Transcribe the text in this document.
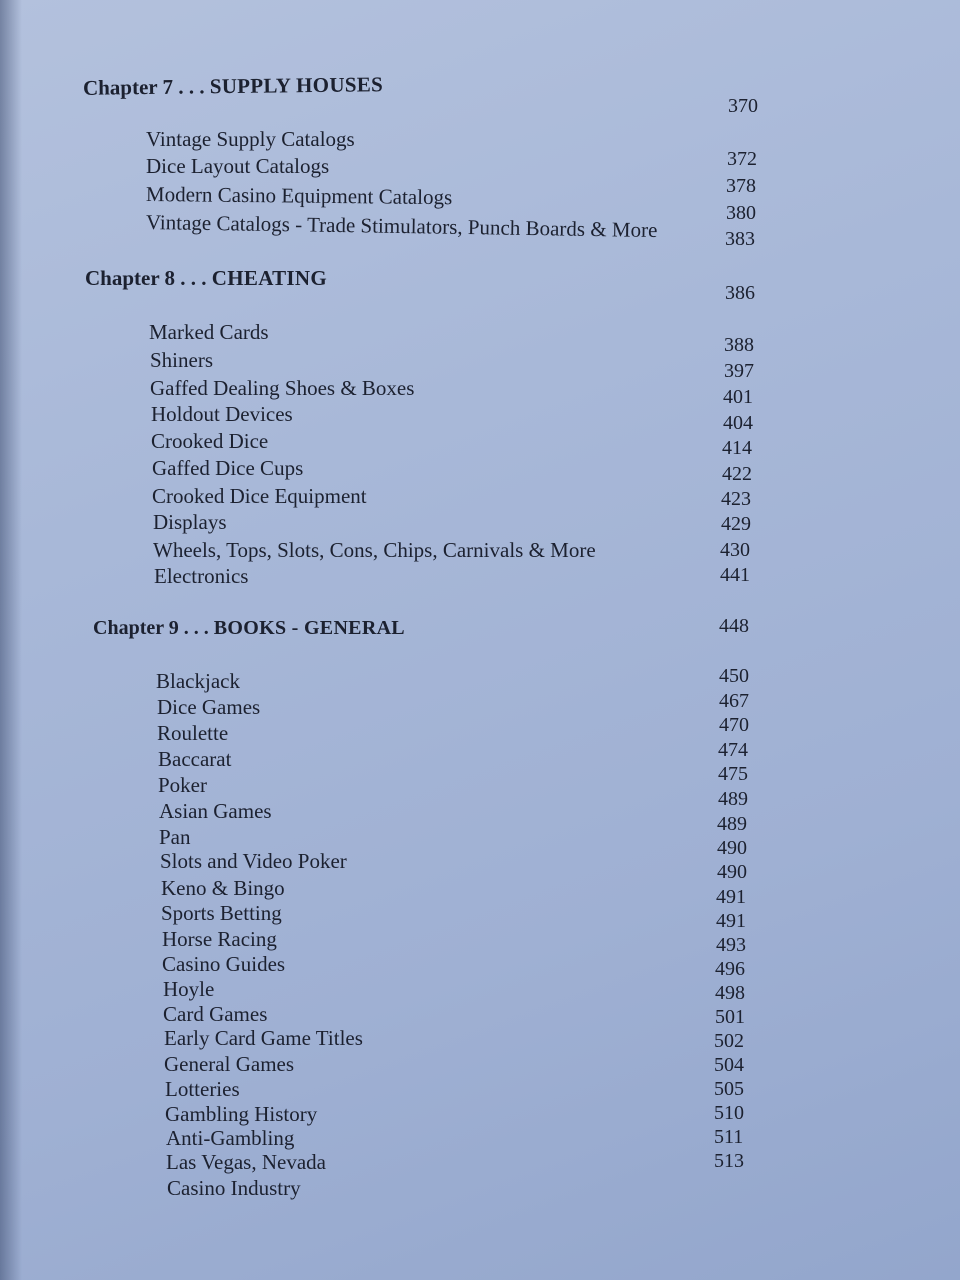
Chapter 7 . . . SUPPLY HOUSES
370
Vintage Supply Catalogs
Dice Layout Catalogs
Modern Casino Equipment Catalogs
Vintage Catalogs - Trade Stimulators, Punch Boards & More
372
378
380
383
Chapter 8 . . . CHEATING
386
Marked Cards
Shiners
Gaffed Dealing Shoes & Boxes
Holdout Devices
Crooked Dice
Gaffed Dice Cups
Crooked Dice Equipment
Displays
Wheels, Tops, Slots, Cons, Chips, Carnivals & More
Electronics
388
397
401
404
414
422
423
429
430
441
Chapter 9 . . . BOOKS - GENERAL	448
Blackjack
Dice Games
Roulette
Baccarat
Poker
Asian Games
Pan
Slots and Video Poker
Keno & Bingo
Sports Betting
Horse Racing
Casino Guides
Hoyle
Card Games
Early Card Game Titles
General Games
Lotteries
Gambling History
Anti-Gambling
Las Vegas, Nevada
Casino Industry
450
467
470
474
475
489
489
490
490
491
491
493
496
498
501
502
504
505
510
511
513
